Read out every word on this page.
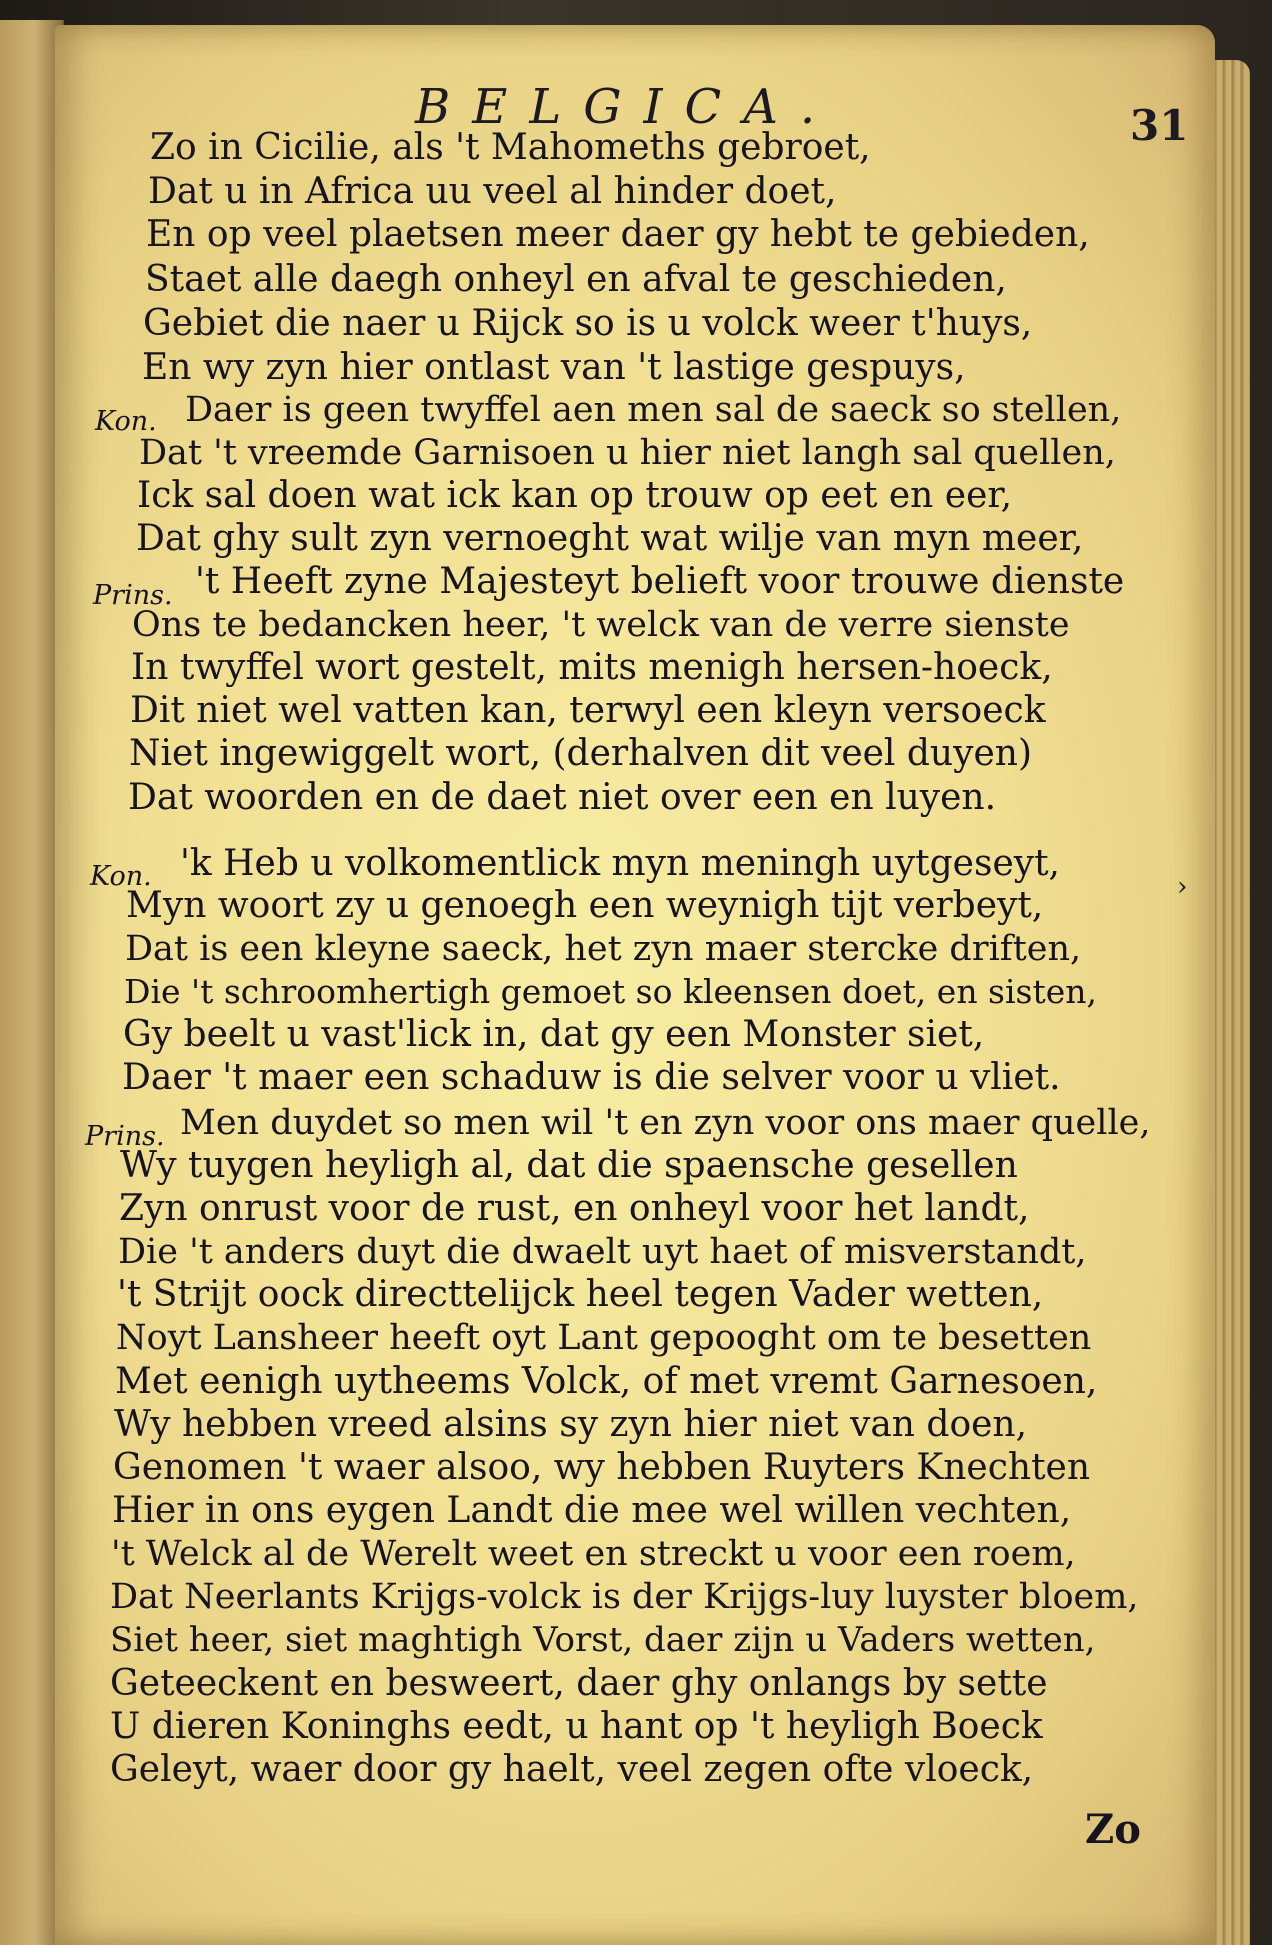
BELGICA.	31
Kon.
Prins.
Kon.
Prins.
Zo in Cicilie, als 't Mahomeths gebroet,
Dat u in Africa uu veel al hinder doet,
En op veel plaetsen meer daer gy hebt te gebieden,
Staet alle daegh onheyl en afval te geschieden,
Gebiet die naer u Rijck so is u volck weer t'huys,
En wy zyn hier ontlast van 't lastige gespuys,
Daer is geen twyffel aen men sal de saeck so stellen,
Dat 't vreemde Garnisoen u hier niet langh sal quellen,
Ick sal doen wat ick kan op trouw op eet en eer,
Dat ghy sult zyn vernoeght wat wilje van myn meer,
't Heeft zyne Majesteyt belieft voor trouwe dienste
Ons te bedancken heer, 't welck van de verre sienste
In twyffel wort gestelt, mits menigh hersen-hoeck,
Dit niet wel vatten kan, terwyl een kleyn versoeck
Niet ingewiggelt wort, (derhalven dit veel duyen)
Dat woorden en de daet niet over een en luyen.
'k Heb u volkomentlick myn meningh uytgeseyt,
Myn woort zy u genoegh een weynigh tijt verbeyt,
Dat is een kleyne saeck, het zyn maer stercke driften,
Die 't schroomhertigh gemoet so kleensen doet, en sisten,
Gy beelt u vast'lick in, dat gy een Monster siet,
Daer 't maer een schaduw is die selver voor u vliet.
Men duydet so men wil 't en zyn voor ons maer quelle,
Wy tuygen heyligh al, dat die spaensche gesellen
Zyn onrust voor de rust, en onheyl voor het landt,
Die 't anders duyt die dwaelt uyt haet of misverstandt,
't Strijt oock directtelijck heel tegen Vader wetten,
Noyt Lansheer heeft oyt Lant gepooght om te besetten
Met eenigh uytheems Volck, of met vremt Garnesoen,
Wy hebben vreed alsins sy zyn hier niet van doen,
Genomen 't waer alsoo, wy hebben Ruyters Knechten
Hier in ons eygen Landt die mee wel willen vechten,
't Welck al de Werelt weet en streckt u voor een roem,
Dat Neerlants Krijgs-volck is der Krijgs-luy luyster bloem,
Siet heer, siet maghtigh Vorst, daer zijn u Vaders wetten,
Geteeckent en besweert, daer ghy onlangs by sette
U dieren Koninghs eedt, u hant op 't heyligh Boeck
Geleyt, waer door gy haelt, veel zegen ofte vloeck,
›
Zo
